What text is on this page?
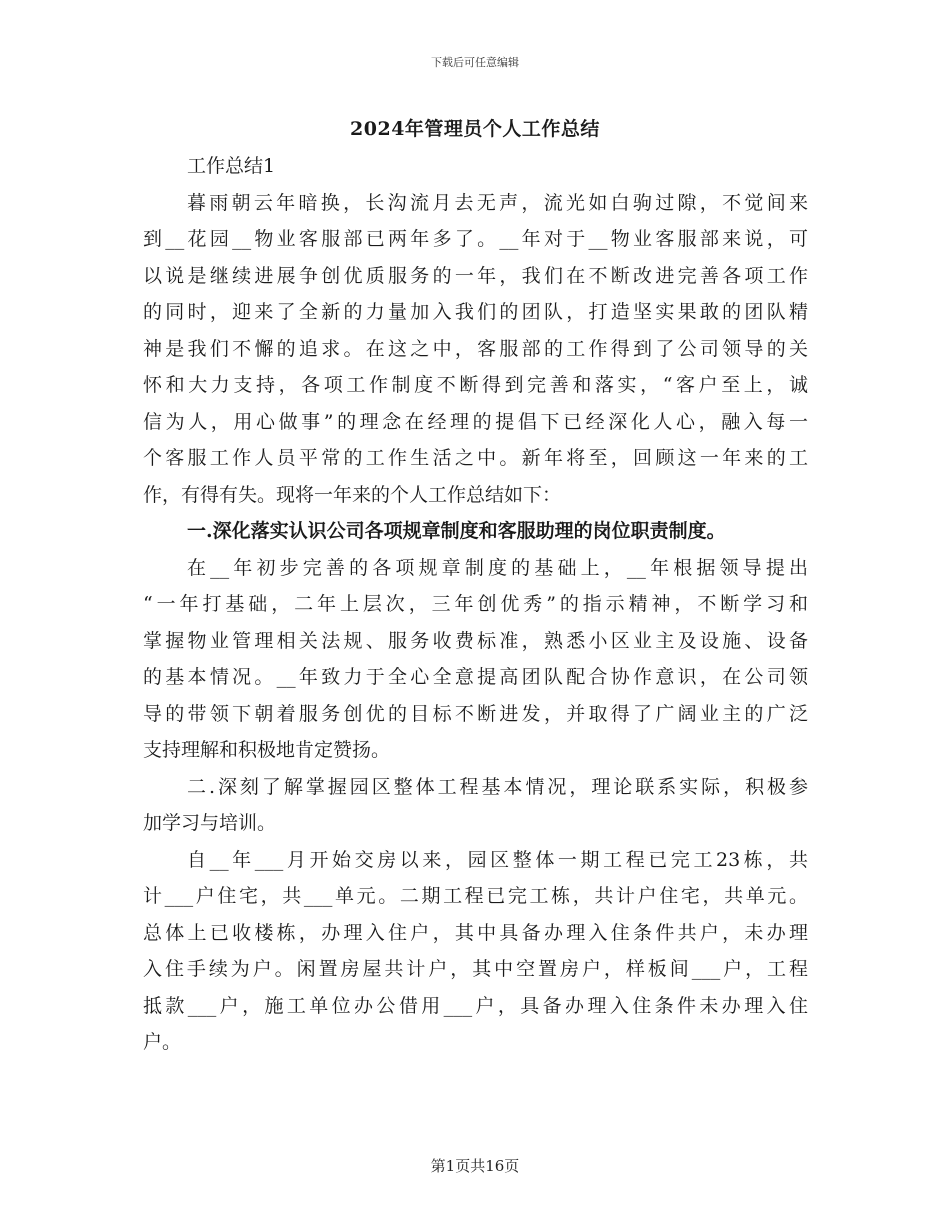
下载后可任意编辑
2024年管理员个人工作总结
工作总结1
暮雨朝云年暗换，长沟流月去无声，流光如白驹过隙，不觉间来
到__花园__物业客服部已两年多了。__年对于__物业客服部来说，可
以说是继续进展争创优质服务的一年，我们在不断改进完善各项工作
的同时，迎来了全新的力量加入我们的团队，打造坚实果敢的团队精
神是我们不懈的追求。在这之中，客服部的工作得到了公司领导的关
怀和大力支持，各项工作制度不断得到完善和落实，“客户至上，诚
信为人，用心做事”的理念在经理的提倡下已经深化人心，融入每一
个客服工作人员平常的工作生活之中。新年将至，回顾这一年来的工
作，有得有失。现将一年来的个人工作总结如下：
一.深化落实认识公司各项规章制度和客服助理的岗位职责制度。
在__年初步完善的各项规章制度的基础上，__年根据领导提出
“一年打基础，二年上层次，三年创优秀”的指示精神，不断学习和
掌握物业管理相关法规、服务收费标准，熟悉小区业主及设施、设备
的基本情况。__年致力于全心全意提高团队配合协作意识，在公司领
导的带领下朝着服务创优的目标不断进发，并取得了广阔业主的广泛
支持理解和积极地肯定赞扬。
二.深刻了解掌握园区整体工程基本情况，理论联系实际，积极参
加学习与培训。
自__年___月开始交房以来，园区整体一期工程已完工23栋，共
计___户住宅，共___单元。二期工程已完工栋，共计户住宅，共单元。
总体上已收楼栋，办理入住户，其中具备办理入住条件共户，未办理
入住手续为户。闲置房屋共计户，其中空置房户，样板间___户，工程
抵款___户，施工单位办公借用___户，具备办理入住条件未办理入住
户。
第1页共16页
